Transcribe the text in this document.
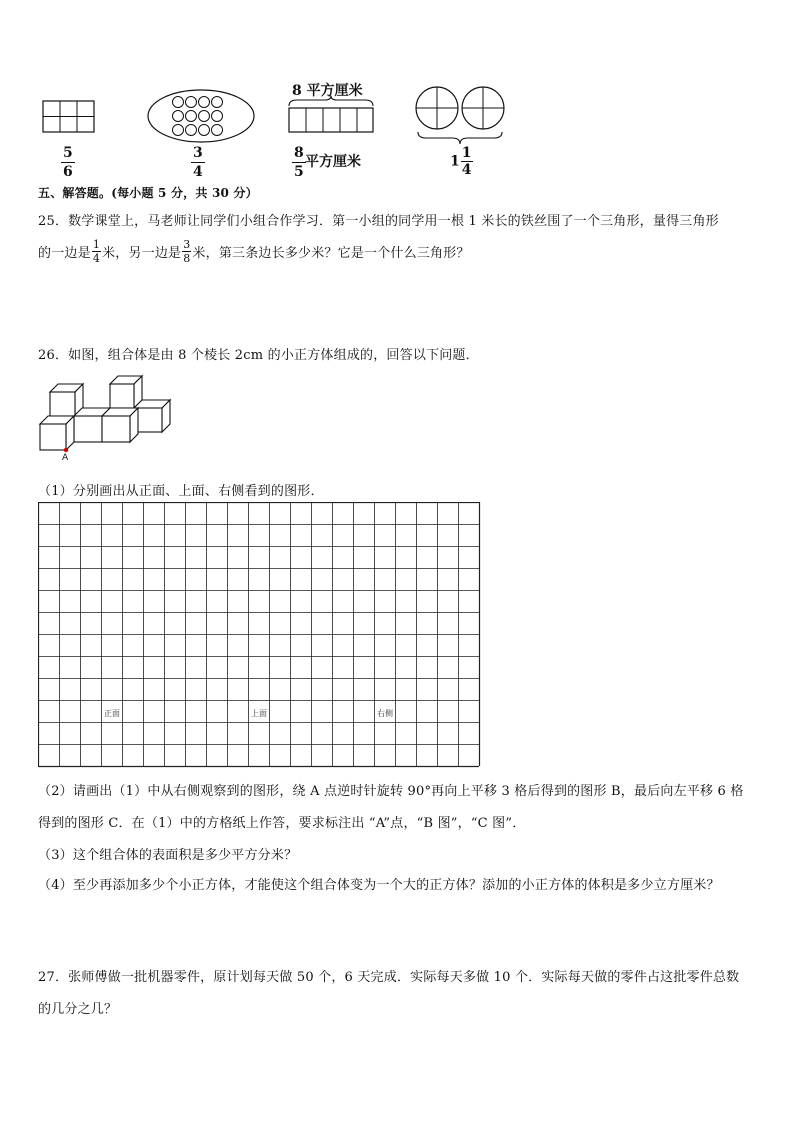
$\frac{5}{6}$	$\frac{3}{4}$
8 平方厘米
$\frac{8}{5}$ 平方厘米	$1 \frac{1}{4}$
五、解答题。(每小题 5 分，共 30 分）
25．数学课堂上，马老师让同学们小组合作学习．第一小组的同学用一根 1 米长的铁丝围了一个三角形，量得三角形
的一边是 $\frac{1}{4}$ 米，另一边是 $\frac{3}{8}$ 米，第三条边长多少米？它是一个什么三角形？
26．如图，组合体是由 8 个棱长 2cm 的小正方体组成的，回答以下问题．
A
（1）分别画出从正面、上面、右侧看到的图形．
正面	上面	右侧
（2）请画出（1）中从右侧观察到的图形，绕 A 点逆时针旋转 90°再向上平移 3 格后得到的图形 B，最后向左平移 6 格
得到的图形 C．在（1）中的方格纸上作答，要求标注出 “A”点，“B 图”，“C 图”．
（3）这个组合体的表面积是多少平方分米？
（4）至少再添加多少个小正方体，才能使这个组合体变为一个大的正方体？添加的小正方体的体积是多少立方厘米？
27．张师傅做一批机器零件，原计划每天做 50 个，6 天完成．实际每天多做 10 个．实际每天做的零件占这批零件总数
的几分之几？
